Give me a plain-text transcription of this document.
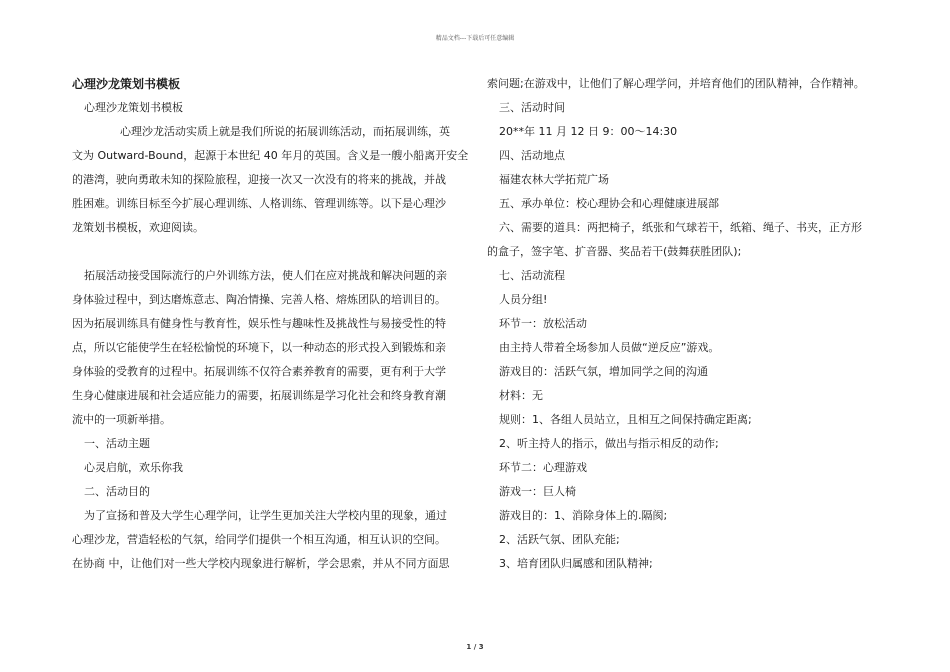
精品文档---下载后可任意编辑

心理沙龙策划书模板

心理沙龙策划书模板

心理沙龙活动实质上就是我们所说的拓展训练活动，而拓展训练，英

文为 Outward-Bound，起源于本世纪 40 年月的英国。含义是一艘小船离开安全

的港湾，驶向勇敢未知的探险旅程，迎接一次又一次没有的将来的挑战，并战

胜困难。训练目标至今扩展心理训练、人格训练、管理训练等。以下是心理沙

龙策划书模板，欢迎阅读。

拓展活动接受国际流行的户外训练方法，使人们在应对挑战和解决问题的亲

身体验过程中，到达磨炼意志、陶冶情操、完善人格、熔炼团队的培训目的。

因为拓展训练具有健身性与教育性，娱乐性与趣味性及挑战性与易接受性的特

点，所以它能使学生在轻松愉悦的环境下，以一种动态的形式投入到锻炼和亲

身体验的受教育的过程中。拓展训练不仅符合素养教育的需要，更有利于大学

生身心健康进展和社会适应能力的需要，拓展训练是学习化社会和终身教育潮

流中的一项新举措。

一、活动主题

心灵启航，欢乐你我

二、活动目的

为了宣扬和普及大学生心理学问，让学生更加关注大学校内里的现象，通过

心理沙龙，营造轻松的气氛，给同学们提供一个相互沟通，相互认识的空间。

在协商 中，让他们对一些大学校内现象进行解析，学会思索，并从不同方面思

索问题;在游戏中，让他们了解心理学问，并培育他们的团队精神，合作精神。

三、活动时间

20**年 11 月 12 日 9：00～14:30

四、活动地点

福建农林大学拓荒广场

五、承办单位：校心理协会和心理健康进展部

六、需要的道具：两把椅子，纸张和气球若干，纸箱、绳子、书夹，正方形

的盒子，签字笔、扩音器、奖品若干(鼓舞获胜团队);

七、活动流程

人员分组!

环节一：放松活动

由主持人带着全场参加人员做“逆反应”游戏。

游戏目的：活跃气氛，增加同学之间的沟通

材料：无

规则：1、各组人员站立，且相互之间保持确定距离;

2、听主持人的指示，做出与指示相反的动作;

环节二：心理游戏

游戏一：巨人椅

游戏目的：1、消除身体上的.隔阂;

2、活跃气氛、团队充能;

3、培育团队归属感和团队精神;

1 / 3
